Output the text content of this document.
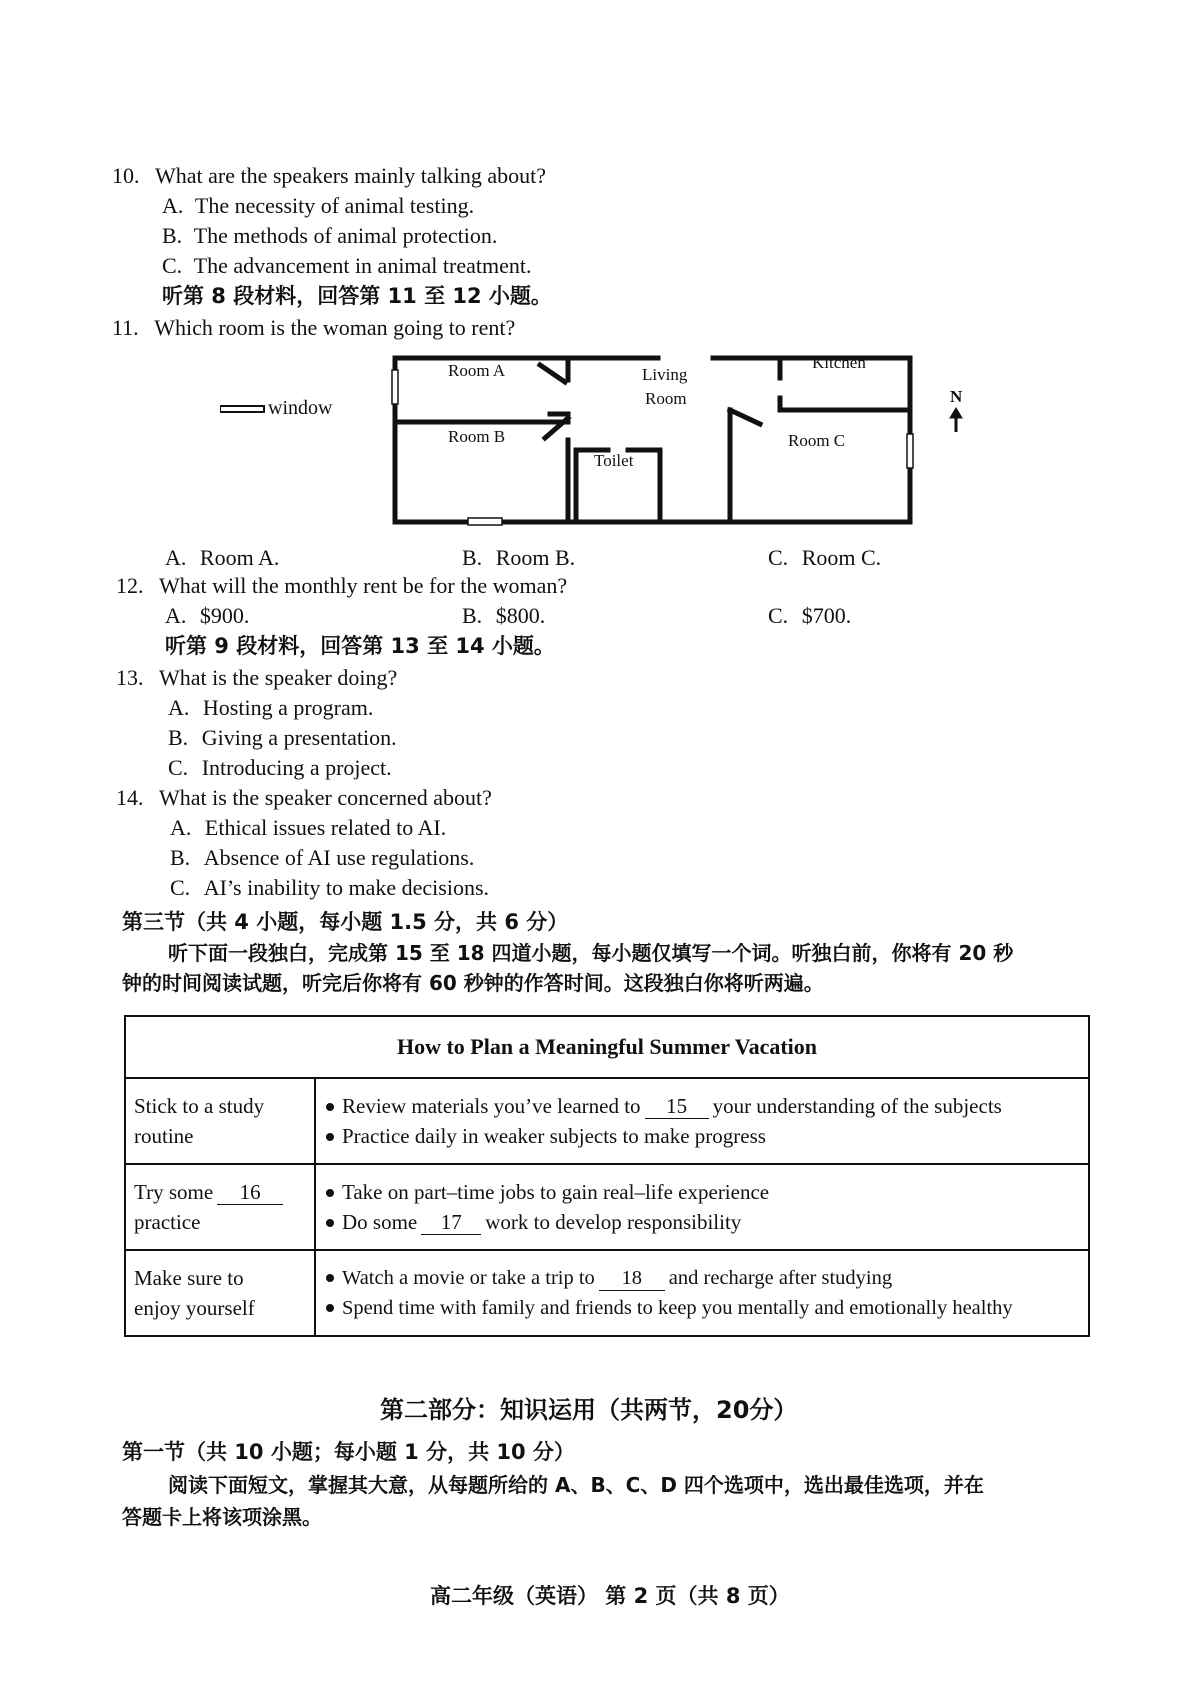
10. What are the speakers mainly talking about?
A. The necessity of animal testing.
B. The methods of animal protection.
C. The advancement in animal treatment.
听第 8 段材料，回答第 11 至 12 小题。
11. Which room is the woman going to rent?
window
Room A	Living
Room
Kitchen
Room B
Toilet
Room C
N
A. Room A.	B. Room B.	C. Room C.
12. What will the monthly rent be for the woman?
A. $900.	B. $800.	C. $700.
听第 9 段材料，回答第 13 至 14 小题。
13. What is the speaker doing?
A. Hosting a program.
B. Giving a presentation.
C. Introducing a project.
14. What is the speaker concerned about?
A. Ethical issues related to AI.
B. Absence of AI use regulations.
C. AI’s inability to make decisions.
第三节（共 4 小题，每小题 1.5 分，共 6 分）
听下面一段独白，完成第 15 至 18 四道小题，每小题仅填写一个词。听独白前，你将有 20 秒
钟的时间阅读试题，听完后你将有 60 秒钟的作答时间。这段独白你将听两遍。
How to Plan a Meaningful Summer Vacation	

Stick to a study
routine	Review materials you’ve learned to 15 your understanding of the subjects
Practice daily in weaker subjects to make progress

Try some 16
practice	Take on part–time jobs to gain real–life experience
Do some 17 work to develop responsibility

Make sure to
enjoy yourself	Watch a movie or take a trip to 18 and recharge after studying
Spend time with family and friends to keep you mentally and emotionally healthy
第二部分：知识运用（共两节，20分）
第一节（共 10 小题；每小题 1 分，共 10 分）
阅读下面短文，掌握其大意，从每题所给的 A、B、C、D 四个选项中，选出最佳选项，并在
答题卡上将该项涂黑。
高二年级（英语） 第 2 页（共 8 页）
